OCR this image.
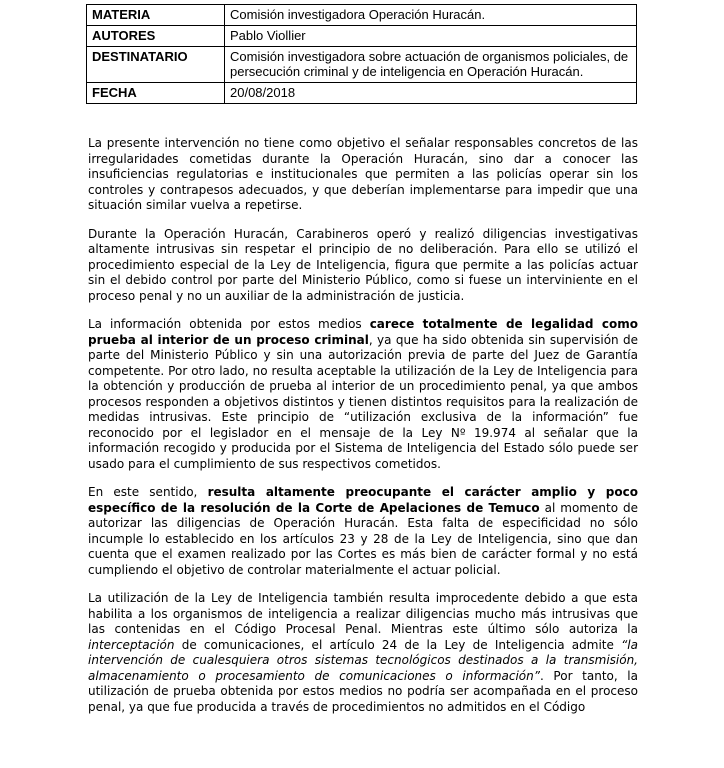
MATERIA	Comisión investigadora Operación Huracán.
AUTORES	Pablo Viollier
DESTINATARIO	Comisión investigadora sobre actuación de organismos policiales, de persecución criminal y de inteligencia en Operación Huracán.
FECHA	20/08/2018

La presente intervención no tiene como objetivo el señalar responsables concretos de las irregularidades cometidas durante la Operación Huracán, sino dar a conocer las insuficiencias regulatorias e institucionales que permiten a las policías operar sin los controles y contrapesos adecuados, y que deberían implementarse para impedir que una situación similar vuelva a repetirse.

Durante la Operación Huracán, Carabineros operó y realizó diligencias investigativas altamente intrusivas sin respetar el principio de no deliberación. Para ello se utilizó el procedimiento especial de la Ley de Inteligencia, figura que permite a las policías actuar sin el debido control por parte del Ministerio Público, como si fuese un interviniente en el proceso penal y no un auxiliar de la administración de justicia.

La información obtenida por estos medios carece totalmente de legalidad como prueba al interior de un proceso criminal, ya que ha sido obtenida sin supervisión de parte del Ministerio Público y sin una autorización previa de parte del Juez de Garantía competente. Por otro lado, no resulta aceptable la utilización de la Ley de Inteligencia para la obtención y producción de prueba al interior de un procedimiento penal, ya que ambos procesos responden a objetivos distintos y tienen distintos requisitos para la realización de medidas intrusivas. Este principio de “utilización exclusiva de la información” fue reconocido por el legislador en el mensaje de la Ley Nº 19.974 al señalar que la información recogido y producida por el Sistema de Inteligencia del Estado sólo puede ser usado para el cumplimiento de sus respectivos cometidos.

En este sentido, resulta altamente preocupante el carácter amplio y poco específico de la resolución de la Corte de Apelaciones de Temuco al momento de autorizar las diligencias de Operación Huracán. Esta falta de especificidad no sólo incumple lo establecido en los artículos 23 y 28 de la Ley de Inteligencia, sino que dan cuenta que el examen realizado por las Cortes es más bien de carácter formal y no está cumpliendo el objetivo de controlar materialmente el actuar policial.

La utilización de la Ley de Inteligencia también resulta improcedente debido a que esta habilita a los organismos de inteligencia a realizar diligencias mucho más intrusivas que las contenidas en el Código Procesal Penal. Mientras este último sólo autoriza la interceptación de comunicaciones, el artículo 24 de la Ley de Inteligencia admite “la intervención de cualesquiera otros sistemas tecnológicos destinados a la transmisión, almacenamiento o procesamiento de comunicaciones o información”. Por tanto, la utilización de prueba obtenida por estos medios no podría ser acompañada en el proceso penal, ya que fue producida a través de procedimientos no admitidos en el Código
